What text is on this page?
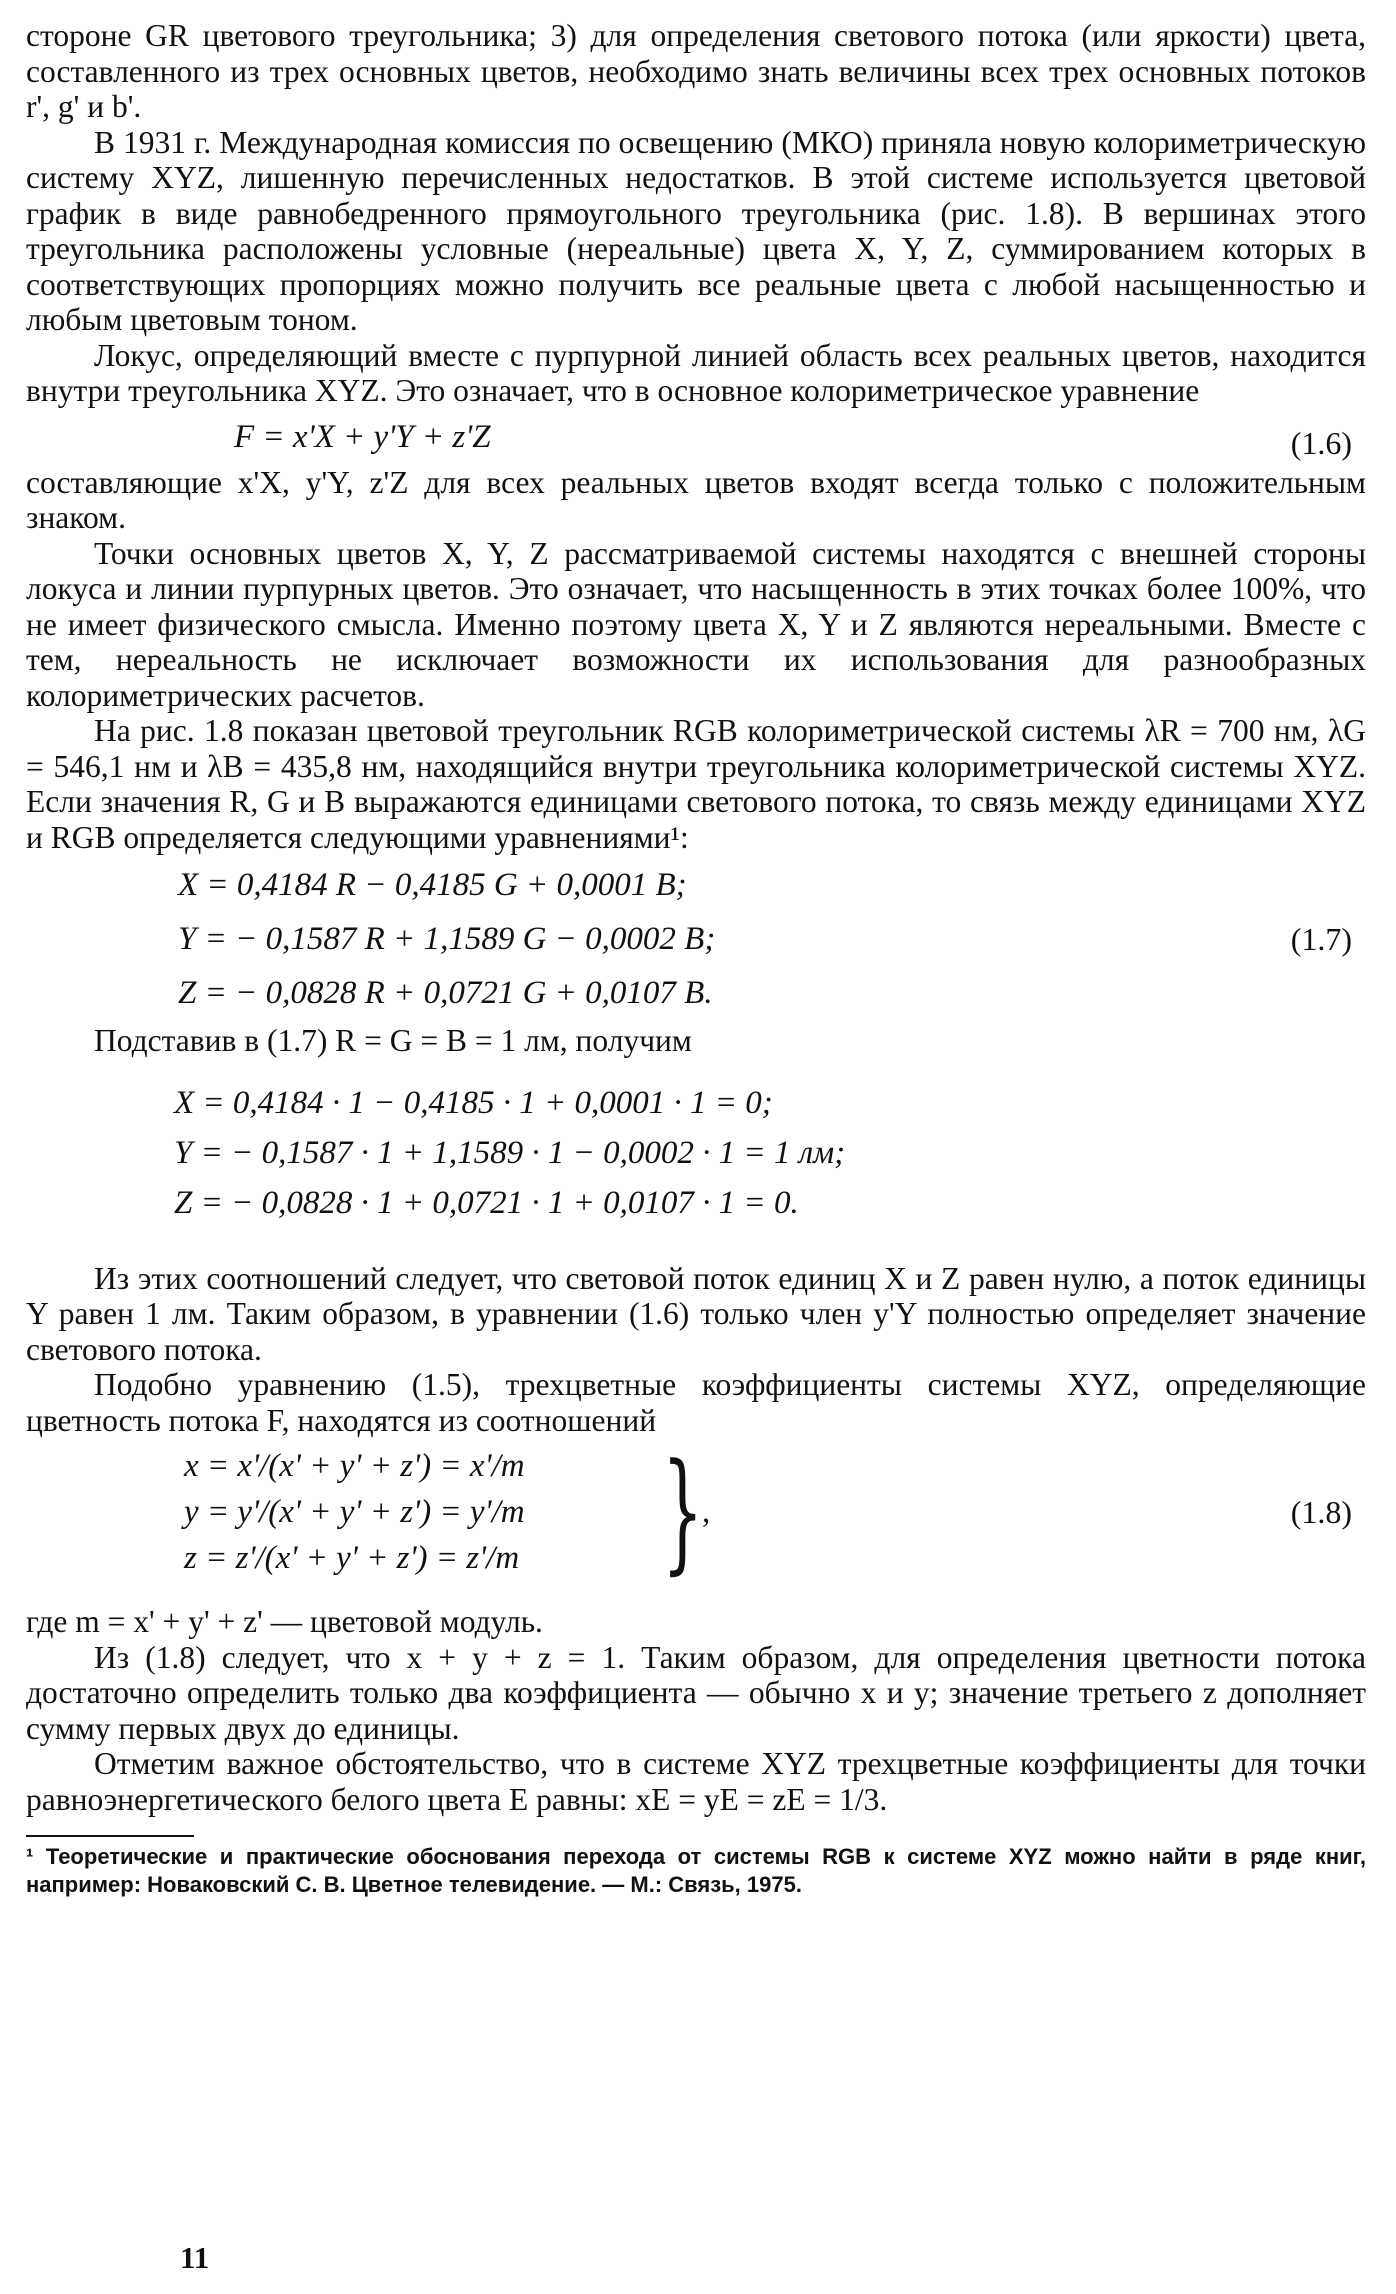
стороне GR цветового треугольника; 3) для определения светового потока (или яркости) цвета, составленного из трех основных цветов, необходимо знать величины всех трех основных потоков r', g' и b'.

В 1931 г. Международная комиссия по освещению (МКО) приняла новую колориметрическую систему XYZ, лишенную перечисленных недостатков. В этой системе используется цветовой график в виде равнобедренного прямоугольного треугольника (рис. 1.8). В вершинах этого треугольника расположены условные (нереальные) цвета X, Y, Z, суммированием которых в соответствующих пропорциях можно получить все реальные цвета с любой насыщенностью и любым цветовым тоном.

Локус, определяющий вместе с пурпурной линией область всех реальных цветов, находится внутри треугольника XYZ. Это означает, что в основное колориметрическое уравнение

F = x'X + y'Y + z'Z	(1.6)

составляющие x'X, y'Y, z'Z для всех реальных цветов входят всегда только с положительным знаком.

Точки основных цветов X, Y, Z рассматриваемой системы находятся с внешней стороны локуса и линии пурпурных цветов. Это означает, что насыщенность в этих точках более 100%, что не имеет физического смысла. Именно поэтому цвета X, Y и Z являются нереальными. Вместе с тем, нереальность не исключает возможности их использования для разнообразных колориметрических расчетов.

На рис. 1.8 показан цветовой треугольник RGB колориметрической системы λR = 700 нм, λG = 546,1 нм и λB = 435,8 нм, находящийся внутри треугольника колориметрической системы XYZ. Если значения R, G и B выражаются единицами светового потока, то связь между единицами XYZ и RGB определяется следующими уравнениями¹:

X = 0,4184 R − 0,4185 G + 0,0001 B;
Y = − 0,1587 R + 1,1589 G − 0,0002 B;
Z = − 0,0828 R + 0,0721 G + 0,0107 B.
(1.7)

Подставив в (1.7) R = G = B = 1 лм, получим

X = 0,4184 · 1 − 0,4185 · 1 + 0,0001 · 1 = 0;
Y = − 0,1587 · 1 + 1,1589 · 1 − 0,0002 · 1 = 1 лм;
Z = − 0,0828 · 1 + 0,0721 · 1 + 0,0107 · 1 = 0.

Из этих соотношений следует, что световой поток единиц X и Z равен нулю, а поток единицы Y равен 1 лм. Таким образом, в уравнении (1.6) только член y'Y полностью определяет значение светового потока.

Подобно уравнению (1.5), трехцветные коэффициенты системы XYZ, определяющие цветность потока F, находятся из соотношений

x = x'/(x' + y' + z') = x'/m
y = y'/(x' + y' + z') = y'/m
z = z'/(x' + y' + z') = z'/m }
,	(1.8)

где m = x' + y' + z' — цветовой модуль.

Из (1.8) следует, что x + y + z = 1. Таким образом, для определения цветности потока достаточно определить только два коэффициента — обычно x и y; значение третьего z дополняет сумму первых двух до единицы.

Отметим важное обстоятельство, что в системе XYZ трехцветные коэффициенты для точки равноэнергетического белого цвета E равны: xE = yE = zE = 1/3.

¹ Теоретические и практические обоснования перехода от системы RGB к системе XYZ можно найти в ряде книг, например: Новаковский С. В. Цветное телевидение. — М.: Связь, 1975.

11
